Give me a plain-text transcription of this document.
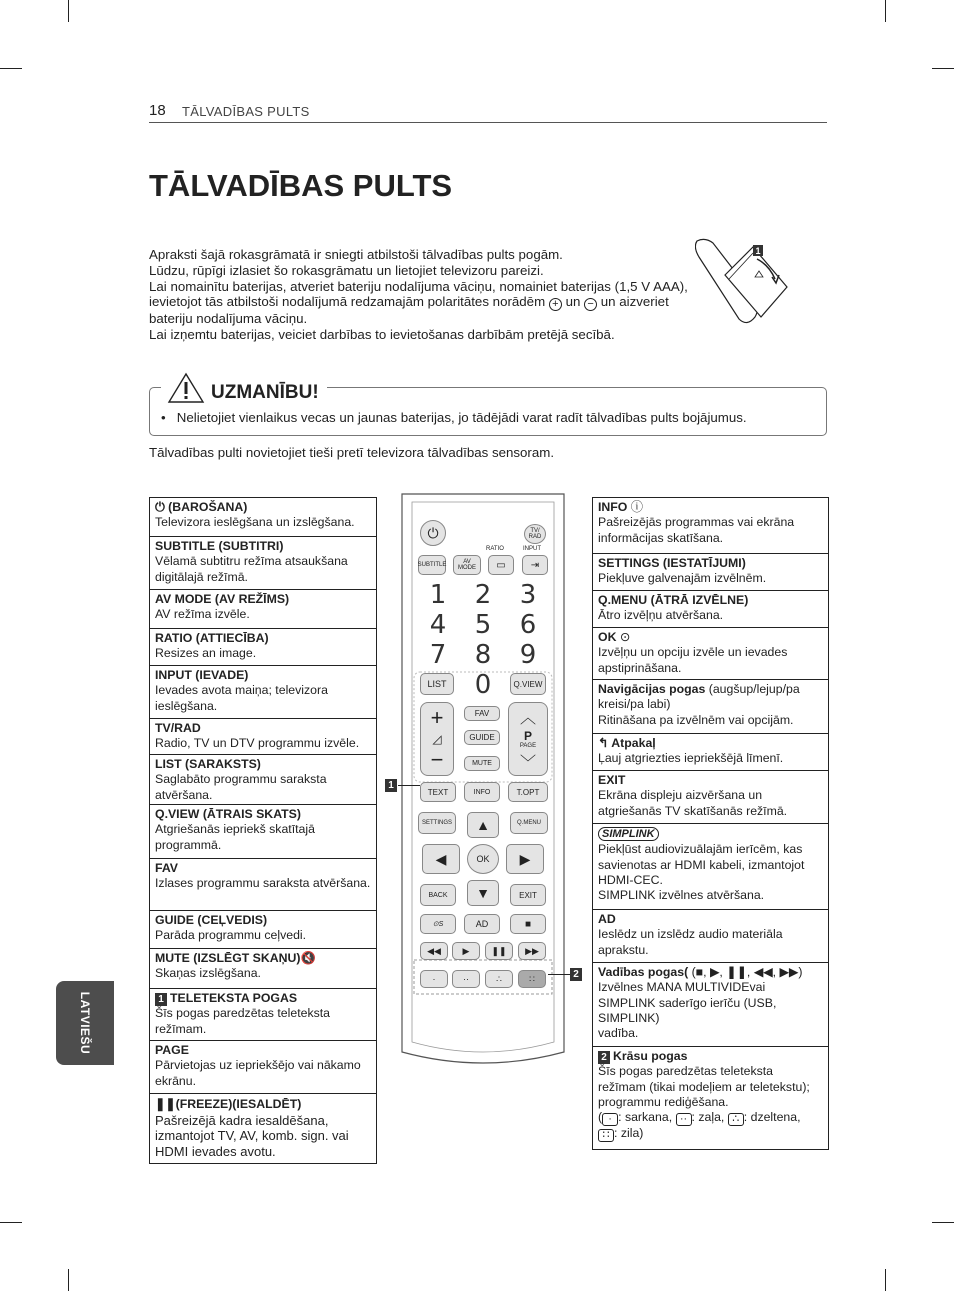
18 TĀLVADĪBAS PULTS
TĀLVADĪBAS PULTS

Apraksti šajā rokasgrāmatā ir sniegti atbilstoši tālvadības pults pogām.

Lūdzu, rūpīgi izlasiet šo rokasgrāmatu un lietojiet televizoru pareizi.

Lai nomainītu baterijas, atveriet bateriju nodalījuma vāciņu, nomainiet baterijas (1,5 V AAA), ievietojot tās atbilstoši nodalījumā redzamajām polaritātes norādēm + un − un aizveriet bateriju nodalījuma vāciņu.

Lai izņemtu baterijas, veiciet darbības to ievietošanas darbībām pretējā secībā.

1
UZMANĪBU!
•   Nelietojiet vienlaikus vecas un jaunas baterijas, jo tādējādi varat radīt tālvadības pults bojājumus.
Tālvadības pulti novietojiet tieši pretī televizora tālvadības sensoram.
LATVIEŠU
⏻ (BAROŠANA)
Televizora ieslēgšana un izslēgšana.
SUBTITLE (SUBTITRI)
Vēlamā subtitru režīma atsaukšana digitālajā režīmā.
AV MODE (AV REŽĪMS)
AV režīma izvēle.
RATIO (ATTIECĪBA)
Resizes an image.
INPUT (IEVADE)
Ievades avota maiņa; televizora ieslēgšana.
TV/RAD
Radio, TV un DTV programmu izvēle.
LIST (SARAKSTS)
Saglabāto programmu saraksta atvēršana.
Q.VIEW (ĀTRAIS SKATS)
Atgriešanās iepriekš skatītajā programmā.
FAV
Izlases programmu saraksta atvēršana.
GUIDE (CEĻVEDIS)
Parāda programmu ceļvedi.
MUTE (IZSLĒGT SKAŅU)🔇
Skaņas izslēgšana.
1 TELETEKSTA POGAS
Šīs pogas paredzētas teleteksta režīmam.
PAGE
Pārvietojas uz iepriekšējo vai nākamo ekrānu.
❚❚(FREEZE)(IESALDĒT)
Pašreizējā kadra iesaldēšana, izmantojot TV, AV, komb. sign. vai HDMI ievades avotu.
INFO ⓘ
Pašreizējās programmas vai ekrāna informācijas skatīšana.
SETTINGS (IESTATĪJUMI)
Piekļuve galvenajām izvēlnēm.
Q.MENU (ĀTRĀ IZVĒLNE)
Ātro izvēļņu atvēršana.
OK ⊙
Izvēļņu un opciju izvēle un ievades apstiprināšana.
Navigācijas pogas (augšup/lejup/pa kreisi/pa labi)
Ritināšana pa izvēlnēm vai opcijām.
↰ Atpakaļ
Ļauj atgriezties iepriekšējā līmenī.
EXIT
Ekrāna displeju aizvēršana un atgriešanās TV skatīšanās režīmā.
SIMPLINK
Piekļūst audiovizuālajām ierīcēm, kas savienotas ar HDMI kabeli, izmantojot HDMI-CEC.
SIMPLINK izvēlnes atvēršana.
AD
Ieslēdz un izslēdz audio materiāla aprakstu.
Vadības pogas( (■, ▶, ❚❚, ◀◀, ▶▶)
Izvēlnes MANA MULTIVIDEvai SIMPLINK saderīgo ierīču (USB, SIMPLINK)
vadība.
2 Krāsu pogas
Šīs pogas paredzētas teleteksta režīmam (tikai modeļiem ar teletekstu); programmu rediģēšana.
( · : sarkana, ·· : zaļa, ∴ : dzeltena,
∷ : zila)
⏻	TV/ RAD
SUBTITLE	AV MODE
RATIO
▭
INPUT
⇥
1	2	3
4	5	6
7	8	9
LIST	0	Q.VIEW
+
◿
−
FAV
GUIDE
MUTE
︿
P
PAGE
﹀
TEXT	INFO	T.OPT
SETTINGS	Q.MENU
▲
◀	OK	▶
BACK	▼	EXIT
⊙S	AD	■
◀◀	▶	❚❚	▶▶
·	··	∴	∷
1
2
